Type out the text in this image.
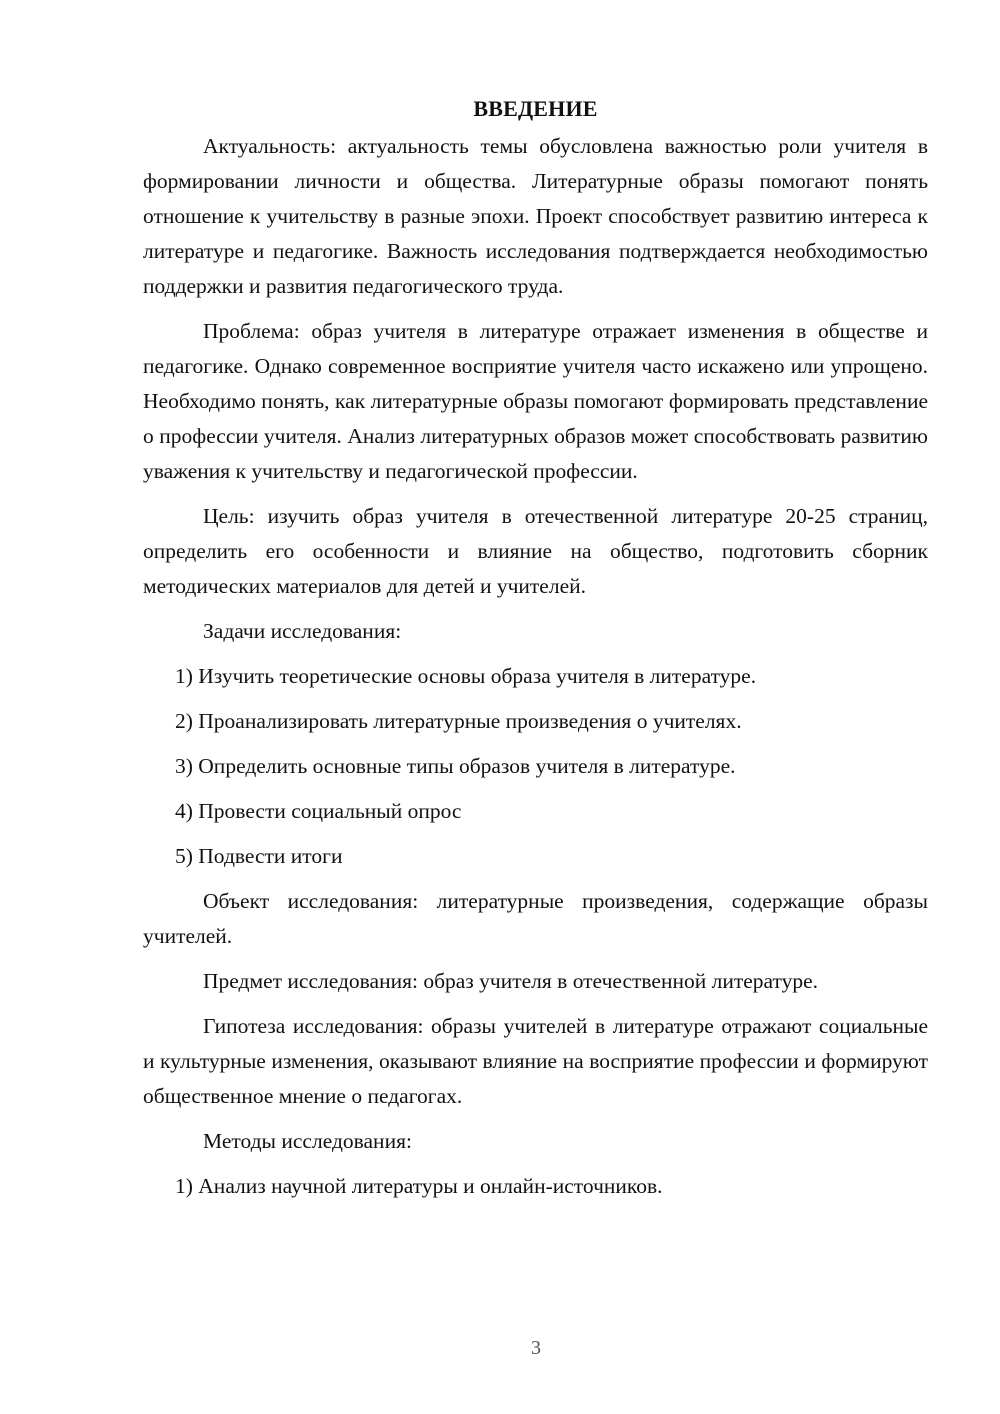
ВВЕДЕНИЕ

Актуальность: актуальность темы обусловлена важностью роли учителя в формировании личности и общества. Литературные образы помогают понять отношение к учительству в разные эпохи. Проект способствует развитию интереса к литературе и педагогике. Важность исследования подтверждается необходимостью поддержки и развития педагогического труда.

Проблема: образ учителя в литературе отражает изменения в обществе и педагогике. Однако современное восприятие учителя часто искажено или упрощено. Необходимо понять, как литературные образы помогают формировать представление о профессии учителя. Анализ литературных образов может способствовать развитию уважения к учительству и педагогической профессии.

Цель: изучить образ учителя в отечественной литературе 20-25 страниц, определить его особенности и влияние на общество, подготовить сборник методических материалов для детей и учителей.

Задачи исследования:
1) Изучить теоретические основы образа учителя в литературе.
2) Проанализировать литературные произведения о учителях.
3) Определить основные типы образов учителя в литературе.
4) Провести социальный опрос
5) Подвести итоги

Объект исследования: литературные произведения, содержащие образы учителей.

Предмет исследования: образ учителя в отечественной литературе.

Гипотеза исследования: образы учителей в литературе отражают социальные и культурные изменения, оказывают влияние на восприятие профессии и формируют общественное мнение о педагогах.

Методы исследования:
1) Анализ научной литературы и онлайн-источников.
3
